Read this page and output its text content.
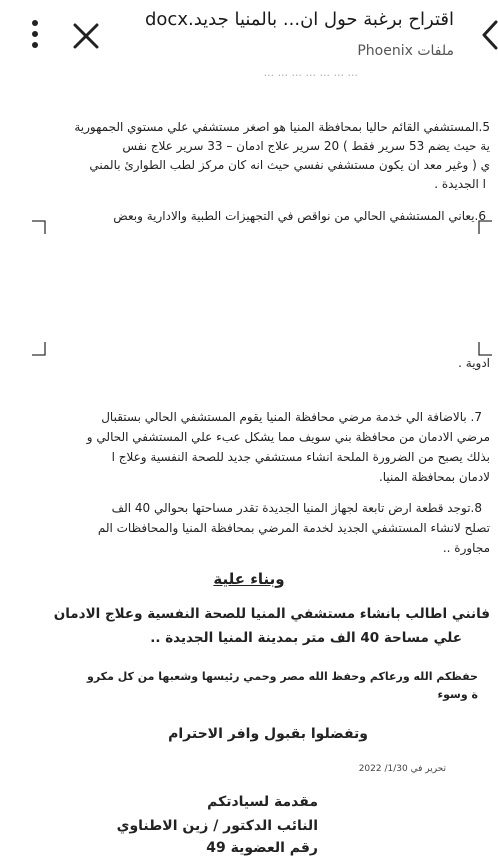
اقتراح برغبة حول ان... بالمنيا جديد.docx
ملفات Phoenix
... ... ... ... ... ... ...
5.المستشفي القائم حاليا بمحافظة المنيا هو اصغر مستشفي علي مستوي الجمهورية
ية حيث يضم 53 سرير فقط ) 20 سرير علاج ادمان – 33 سرير علاج نفس
ي ( وغير معد ان يكون مستشفي نفسي حيث انه كان مركز لطب الطوارئ بالمني
ا الجديدة .
6.يعاني المستشفي الحالي من نواقص في التجهيزات الطبية والادارية وبعض
ادوية .
7. بالاضافة الي خدمة مرضي محافظة المنيا يقوم المستشفي الحالي بستقبال
مرضي الادمان من محافظة بني سويف مما يشكل عبء علي المستشفي الحالي و
بذلك يصبح من الضرورة الملحة انشاء مستشفي جديد للصحة النفسية وعلاج ا
لادمان بمحافظة المنيا.
8.توجد قطعة ارض تابعة لجهاز المنيا الجديدة تقدر مساحتها بحوالي 40 الف
تصلح لانشاء المستشفي الجديد لخدمة المرضي بمحافظة المنيا والمحافظات الم
مجاورة ..
وبناء علية
فانني اطالب بانشاء مستشفي المنيا للصحة النفسية وعلاج الادمان
علي مساحة 40 الف متر بمدينة المنيا الجديدة ..
حفظكم الله ورعاكم وحفظ الله مصر وحمي رئيسها وشعبها من كل مكرو
ة وسوء
وتفضلوا بقبول وافر الاحترام
تحرير في 1/30/ 2022
مقدمة لسيادتكم
النائب الدكتور / زين الاطناوي
رقم العضوية 49
